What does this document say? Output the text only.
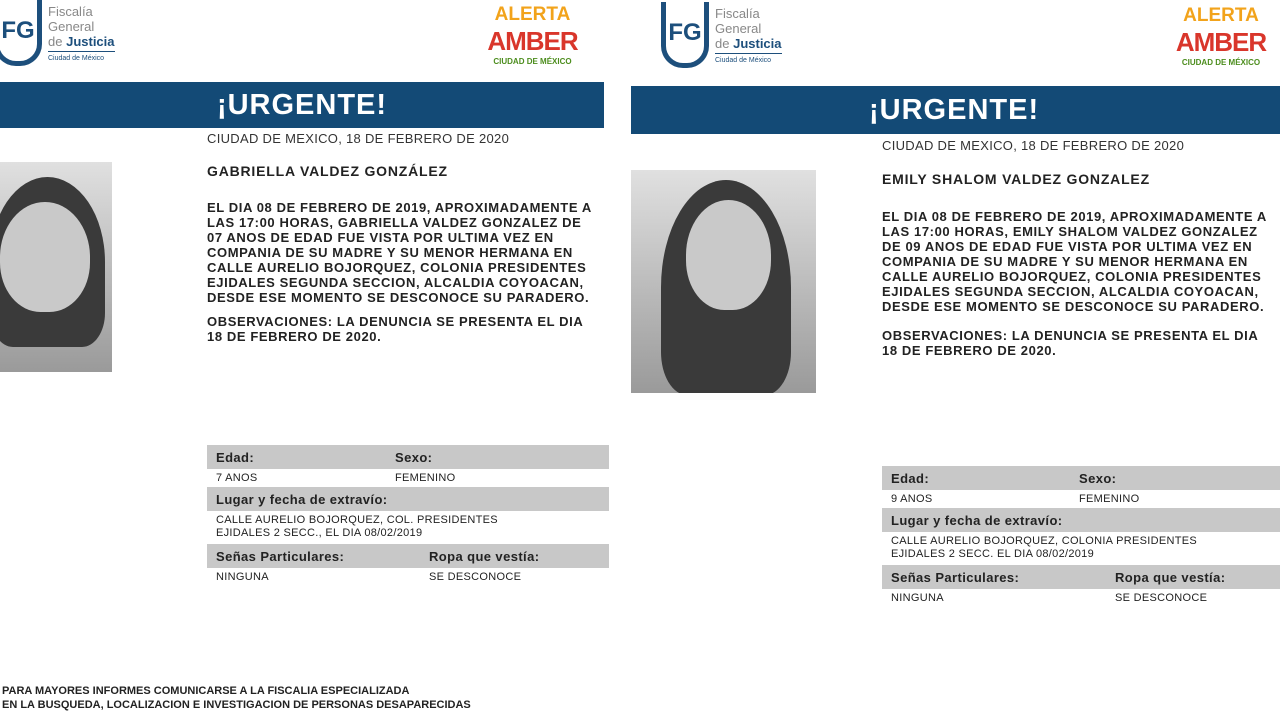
FG
Fiscalía
General
de Justicia
Ciudad de México
ALERTA
AMBER
CIUDAD DE MÉXICO
¡URGENTE!
CIUDAD DE MEXICO, 18 DE FEBRERO DE 2020
GABRIELLA VALDEZ GONZÁLEZ
EL DIA 08 DE FEBRERO DE 2019, APROXIMADAMENTE A
LAS 17:00 HORAS, GABRIELLA VALDEZ GONZALEZ DE
07 ANOS DE EDAD FUE VISTA POR ULTIMA VEZ EN
COMPANIA DE SU MADRE Y SU MENOR HERMANA EN
CALLE AURELIO BOJORQUEZ, COLONIA PRESIDENTES
EJIDALES SEGUNDA SECCION, ALCALDIA COYOACAN,
DESDE ESE MOMENTO SE DESCONOCE SU PARADERO.
OBSERVACIONES: LA DENUNCIA SE PRESENTA EL DIA
18 DE FEBRERO DE 2020.
Edad:	Sexo:
7 ANOS	FEMENINO
Lugar y fecha de extravío:
CALLE AURELIO BOJORQUEZ, COL. PRESIDENTES
EJIDALES 2 SECC., EL DIA 08/02/2019
Señas Particulares:	Ropa que vestía:
NINGUNA	SE DESCONOCE
PARA MAYORES INFORMES COMUNICARSE A LA FISCALIA ESPECIALIZADA
EN LA BUSQUEDA, LOCALIZACION E INVESTIGACION DE PERSONAS DESAPARECIDAS
FG
Fiscalía
General
de Justicia
Ciudad de México
ALERTA
AMBER
CIUDAD DE MÉXICO
¡URGENTE!
CIUDAD DE MEXICO, 18 DE FEBRERO DE 2020
EMILY SHALOM VALDEZ GONZALEZ
EL DIA 08 DE FEBRERO DE 2019, APROXIMADAMENTE A
LAS 17:00 HORAS, EMILY SHALOM VALDEZ GONZALEZ
DE 09 ANOS DE EDAD FUE VISTA POR ULTIMA VEZ EN
COMPANIA DE SU MADRE Y SU MENOR HERMANA EN
CALLE AURELIO BOJORQUEZ, COLONIA PRESIDENTES
EJIDALES SEGUNDA SECCION, ALCALDIA COYOACAN,
DESDE ESE MOMENTO SE DESCONOCE SU PARADERO.
OBSERVACIONES: LA DENUNCIA SE PRESENTA EL DIA
18 DE FEBRERO DE 2020.
Edad:	Sexo:
9 ANOS	FEMENINO
Lugar y fecha de extravío:
CALLE AURELIO BOJORQUEZ, COLONIA PRESIDENTES
EJIDALES 2 SECC. EL DIA 08/02/2019
Señas Particulares:	Ropa que vestía:
NINGUNA	SE DESCONOCE
